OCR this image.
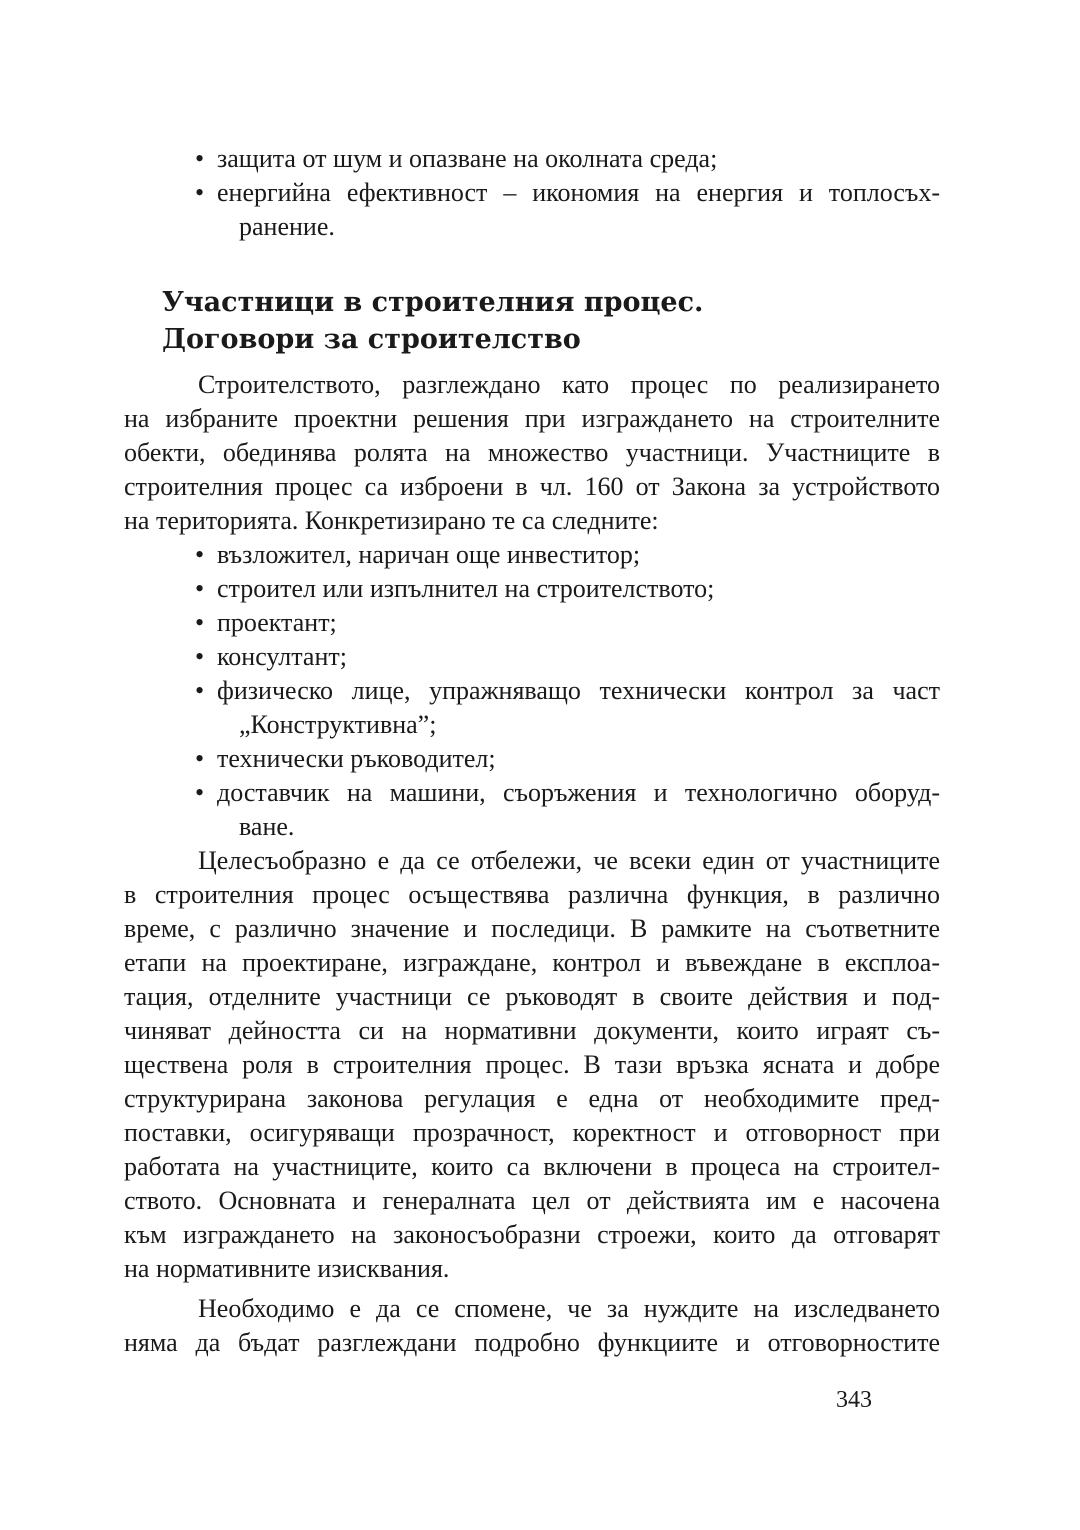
• защита от шум и опазване на околната среда;
• енергийна ефективност – икономия на енергия и топлосъх-
ранение.
Участници в строителния процес.
Договори за строителство
Строителството, разглеждано като процес по реализирането
на избраните проектни решения при изграждането на строителните
обекти, обединява ролята на множество участници. Участниците в
строителния процес са изброени в чл. 160 от Закона за устройството
на територията. Конкретизирано те са следните:
• възложител, наричан още инвеститор;
• строител или изпълнител на строителството;
• проектант;
• консултант;
• физическо лице, упражняващо технически контрол за част
„Конструктивна”;
• технически ръководител;
• доставчик на машини, съоръжения и технологично оборуд-
ване.
Целесъобразно е да се отбележи, че всеки един от участниците
в строителния процес осъществява различна функция, в различно
време, с различно значение и последици. В рамките на съответните
етапи на проектиране, изграждане, контрол и въвеждане в експлоа-
тация, отделните участници се ръководят в своите действия и под-
чиняват дейността си на нормативни документи, които играят съ-
ществена роля в строителния процес. В тази връзка ясната и добре
структурирана законова регулация е една от необходимите пред-
поставки, осигуряващи прозрачност, коректност и отговорност при
работата на участниците, които са включени в процеса на строител-
ството. Основната и генералната цел от действията им е насочена
към изграждането на законосъобразни строежи, които да отговарят
на нормативните изисквания.
Необходимо е да се спомене, че за нуждите на изследването
няма да бъдат разглеждани подробно функциите и отговорностите
343
